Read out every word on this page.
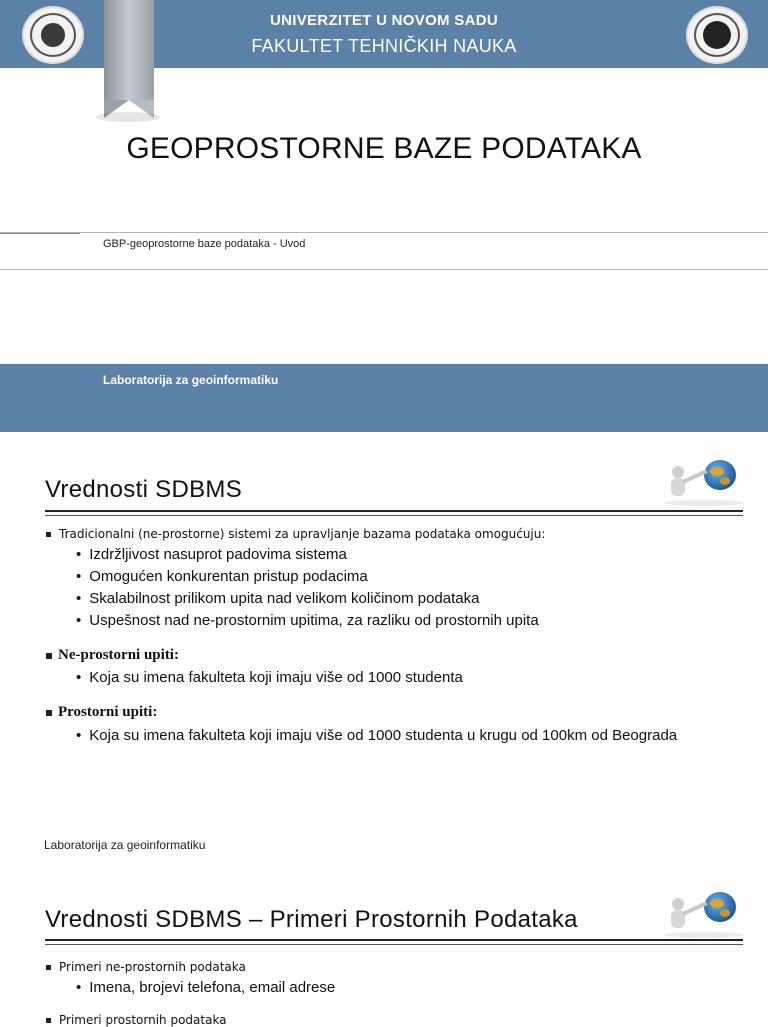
UNIVERZITET U NOVOM SADU
FAKULTET TEHNIČKIH NAUKA
GEOPROSTORNE BAZE PODATAKA
GBP-geoprostorne baze podataka - Uvod
Laboratorija za geoinformatiku
Vrednosti SDBMS
Tradicionalni (ne-prostorne) sistemi za upravljanje bazama podataka omogućuju:
• Izdržljivost nasuprot padovima sistema
• Omogućen konkurentan pristup podacima
• Skalabilnost prilikom upita nad velikom količinom podataka
• Uspešnost nad ne-prostornim upitima, za razliku od prostornih upita
Ne-prostorni upiti:
• Koja su imena fakulteta koji imaju više od 1000 studenta
Prostorni upiti:
• Koja su imena fakulteta koji imaju više od 1000 studenta u krugu od 100km od Beograda
Laboratorija za geoinformatiku
Vrednosti SDBMS – Primeri Prostornih Podataka
Primeri ne-prostornih podataka
• Imena, brojevi telefona, email adrese
Primeri prostornih podataka
